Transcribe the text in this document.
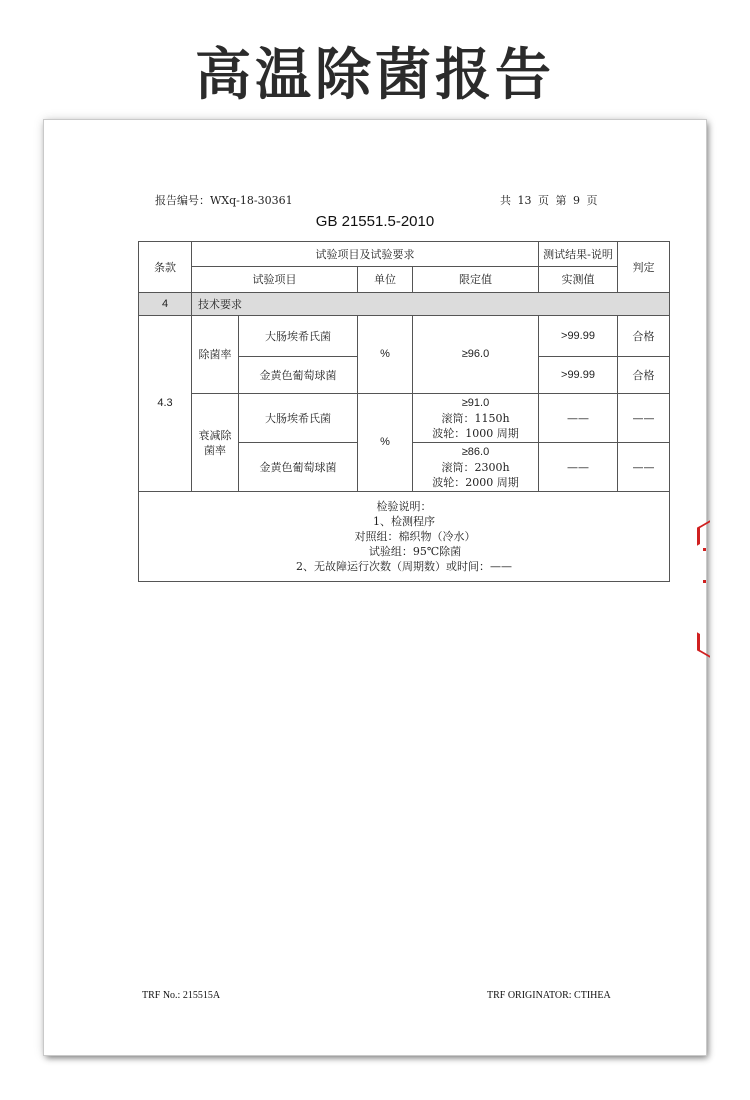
高温除菌报告
报告编号：WXq-18-30361	共 13 页 第 9 页
GB 21551.5-2010
条款	试验项目及试验要求				测试结果-说明	判定
	试验项目		单位	限定值	实测值	
4	技术要求					
4.3	除菌率	大肠埃希氏菌	%	≥96.0	>99.99	合格
		金黄色葡萄球菌			>99.99	合格
	衰减除菌率	大肠埃希氏菌	%	≥91.0
滚筒：1150h
波轮：1000 周期	——	——
		金黄色葡萄球菌		≥86.0
滚筒：2300h
波轮：2000 周期	——	——

检验说明：
1、检测程序
对照组：棉织物（冷水）
试验组：95℃除菌
2、无故障运行次数（周期数）或时间：——						
TRF No.: 215515A	TRF ORIGINATOR: CTIHEA
